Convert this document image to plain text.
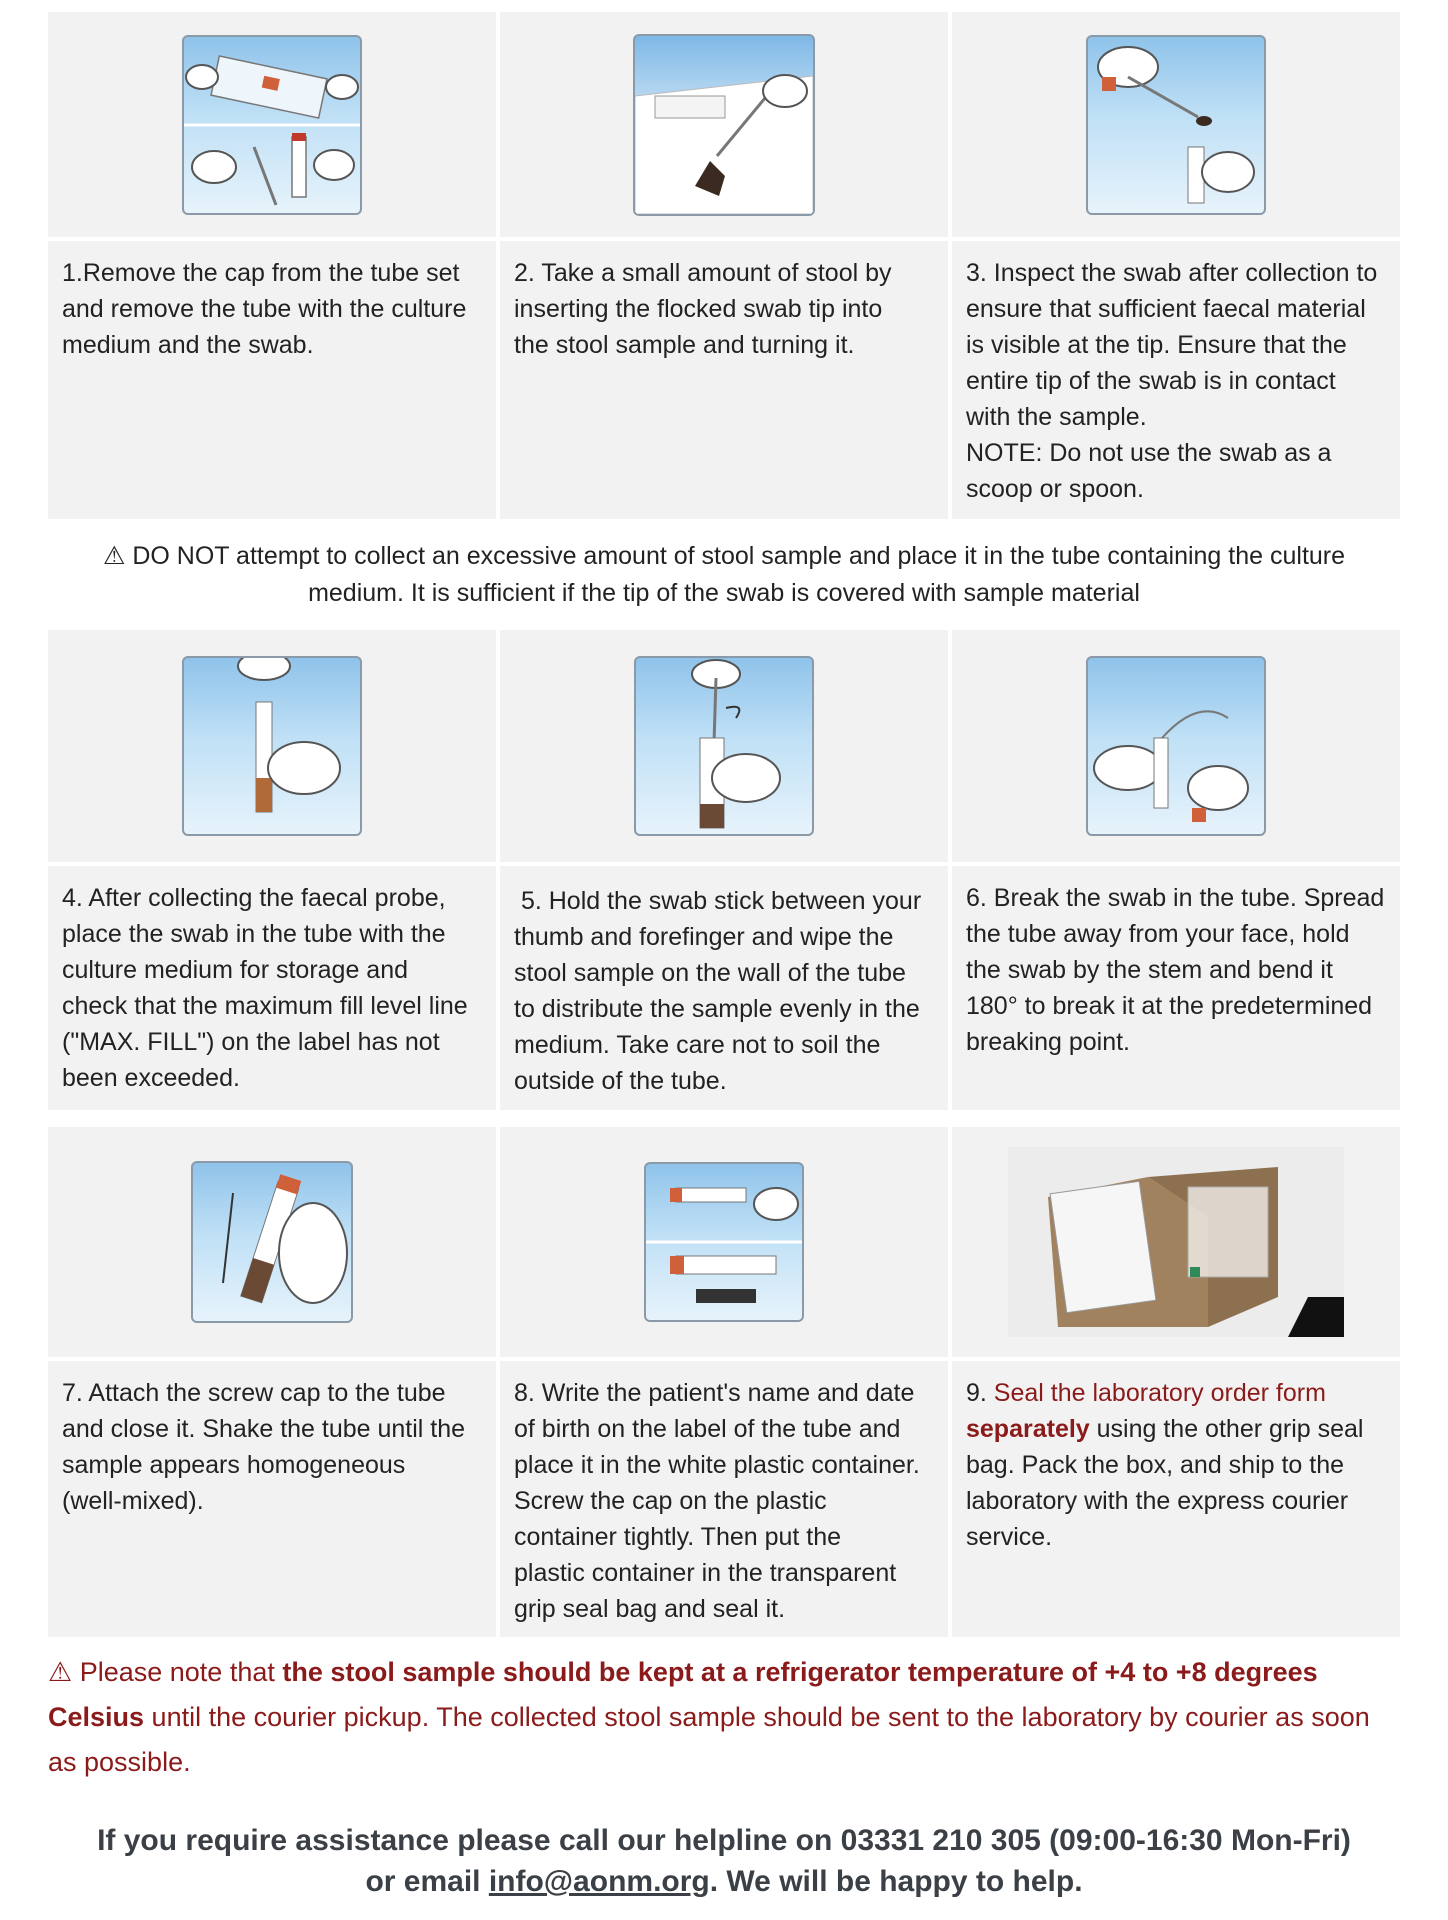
1.Remove the cap from the tube set
and remove the tube with the culture
medium and the swab.
2. Take a small amount of stool by
inserting the flocked swab tip into
the stool sample and turning it.
3. Inspect the swab after collection to
ensure that sufficient faecal material
is visible at the tip. Ensure that the
entire tip of the swab is in contact
with the sample.
NOTE: Do not use the swab as a
scoop or spoon.
⚠ DO NOT attempt to collect an excessive amount of stool sample and place it in the tube containing the culture
medium. It is sufficient if the tip of the swab is covered with sample material
4. After collecting the faecal probe,
place the swab in the tube with the
culture medium for storage and
check that the maximum fill level line
("MAX. FILL") on the label has not
been exceeded.
5. Hold the swab stick between your
thumb and forefinger and wipe the
stool sample on the wall of the tube
to distribute the sample evenly in the
medium. Take care not to soil the
outside of the tube.
6. Break the swab in the tube. Spread
the tube away from your face, hold
the swab by the stem and bend it
180° to break it at the predetermined
breaking point.
7. Attach the screw cap to the tube
and close it. Shake the tube until the
sample appears homogeneous
(well-mixed).
8. Write the patient's name and date
of birth on the label of the tube and
place it in the white plastic container.
Screw the cap on the plastic
container tightly. Then put the
plastic container in the transparent
grip seal bag and seal it.
9. Seal the laboratory order form
separately using the other grip seal
bag. Pack the box, and ship to the
laboratory with the express courier
service.
⚠ Please note that the stool sample should be kept at a refrigerator temperature of +4 to +8 degrees Celsius until the courier pickup. The collected stool sample should be sent to the laboratory by courier as soon as possible.
If you require assistance please call our helpline on 03331 210 305 (09:00-16:30 Mon-Fri)
or email info@aonm.org. We will be happy to help.
